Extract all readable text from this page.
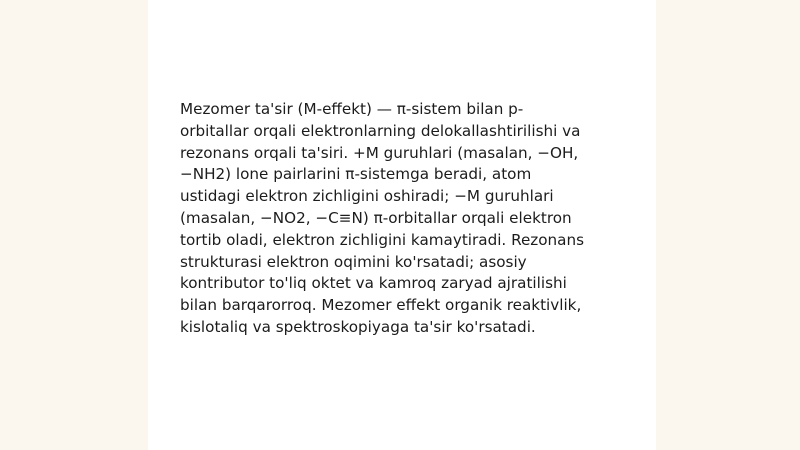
Mezomer ta'sir (M-effekt) — π-sistem bilan p-
orbitallar orqali elektronlarning delokallashtirilishi va
rezonans orqali ta'siri. +M guruhlari (masalan, −OH,
−NH2) lone pairlarini π-sistemga beradi, atom
ustidagi elektron zichligini oshiradi; −M guruhlari
(masalan, −NO2, −C≡N) π-orbitallar orqali elektron
tortib oladi, elektron zichligini kamaytiradi. Rezonans
strukturasi elektron oqimini ko'rsatadi; asosiy
kontributor to'liq oktet va kamroq zaryad ajratilishi
bilan barqarorroq. Mezomer effekt organik reaktivlik,
kislotaliq va spektroskopiyaga ta'sir ko'rsatadi.
